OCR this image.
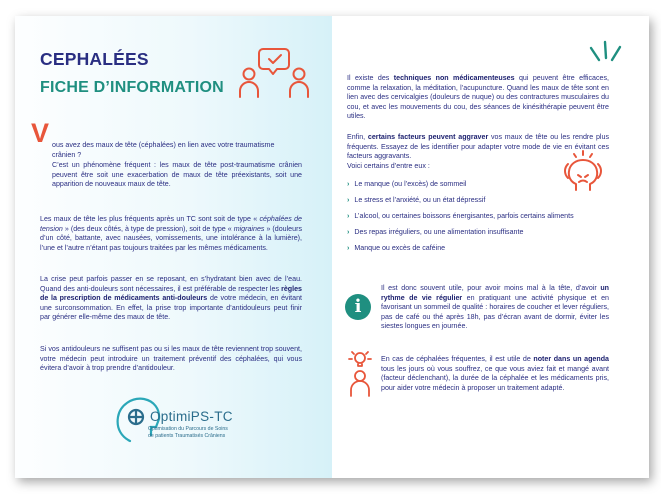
CEPHALÉES
FICHE D’INFORMATION
V ous avez des maux de tête (céphalées) en lien avec votre traumatisme

crânien ?

C’est un phénomène fréquent : les maux de tête post-traumatisme crânien peuvent être soit une exacerbation de maux de tête préexistants, soit une apparition de nouveaux maux de tête.

Les maux de tête les plus fréquents après un TC sont soit de type « céphalées de tension » (des deux côtés, à type de pression), soit de type « migraines » (douleurs d’un côté, battante, avec nausées, vomissements, une intolérance à la lumière), l’une et l’autre n’étant pas toujours traitées par les mêmes médicaments.

La crise peut parfois passer en se reposant, en s’hydratant bien avec de l’eau. Quand des anti-douleurs sont nécessaires, il est préférable de respecter les règles de la prescription de médicaments anti-douleurs de votre médecin, en évitant une surconsommation. En effet, la prise trop importante d’antidouleurs peut finir par générer elle-même des maux de tête.

Si vos antidouleurs ne suffisent pas ou si les maux de tête reviennent trop souvent, votre médecin peut introduire un traitement préventif des céphalées, qui vous évitera d’avoir à trop prendre d’antidouleur.

OptimiPS-TC
Optimisation du Parcours de Soins
de patients Traumatisés Crâniens

Il existe des techniques non médicamenteuses qui peuvent être efficaces, comme la relaxation, la méditation, l’acupuncture. Quand les maux de tête sont en lien avec des cervicalgies (douleurs de nuque) ou des contractures musculaires du cou, et avec les mouvements du cou, des séances de kinésithérapie peuvent être utiles.

Enfin, certains facteurs peuvent aggraver vos maux de tête ou les rendre plus fréquents. Essayez de les identifier pour adapter votre mode de vie en évitant ces facteurs aggravants.

Voici certains d’entre eux :

› Le manque (ou l’excès) de sommeil
› Le stress et l’anxiété, ou un état dépressif
› L’alcool, ou certaines boissons énergisantes, parfois certains aliments
› Des repas irréguliers, ou une alimentation insuffisante
› Manque ou excès de caféine
i

Il est donc souvent utile, pour avoir moins mal à la tête, d’avoir un rythme de vie régulier en pratiquant une activité physique et en favorisant un sommeil de qualité : horaires de coucher et lever réguliers, pas de café ou thé après 18h, pas d’écran avant de dormir, éviter les siestes longues en journée.

En cas de céphalées fréquentes, il est utile de noter dans un agenda tous les jours où vous souffrez, ce que vous aviez fait et mangé avant (facteur déclenchant), la durée de la céphalée et les médicaments pris, pour aider votre médecin à proposer un traitement adapté.
